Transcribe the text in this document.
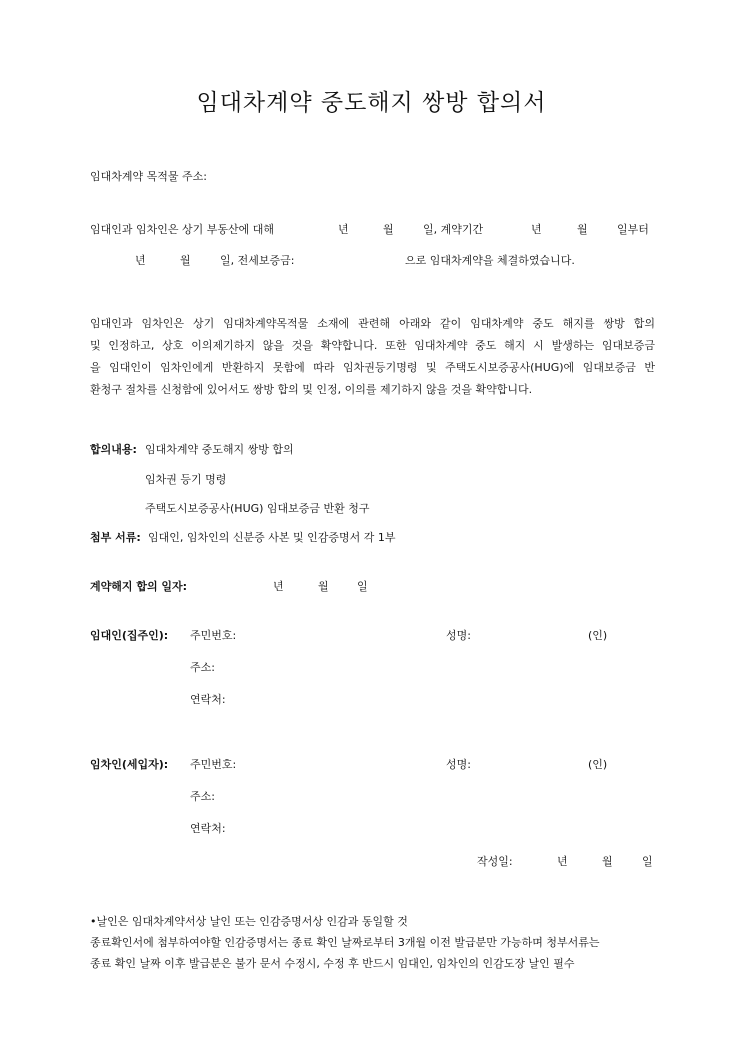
임대차계약 중도해지 쌍방 합의서
임대차계약 목적물 주소:
임대인과 임차인은 상기 부동산에 대해	년	월	일, 계약기간	년	월	일부터
년	월	일, 전세보증금:	으로 임대차계약을 체결하였습니다.
임대인과 임차인은 상기 임대차계약목적물 소재에 관련해 아래와 같이 임대차계약 중도 해지를 쌍방 합의
및 인정하고, 상호 이의제기하지 않을 것을 확약합니다. 또한 임대차계약 중도 해지 시 발생하는 임대보증금
을 임대인이 임차인에게 반환하지 못함에 따라 임차권등기명령 및 주택도시보증공사(HUG)에 임대보증금 반
환청구 절차를 신청함에 있어서도 쌍방 합의 및 인정, 이의를 제기하지 않을 것을 확약합니다.
합의내용: 임대차계약 중도해지 쌍방 합의
임차권 등기 명령
주택도시보증공사(HUG) 임대보증금 반환 청구
첨부 서류: 임대인, 임차인의 신분증 사본 및 인감증명서 각 1부
계약해지 합의 일자:	년	월	일
임대인(집주인): 주민번호:	성명:	(인)
주소:
연락처:
임차인(세입자): 주민번호:	성명:	(인)
주소:
연락처:
작성일:	년	월	일
•날인은 임대차계약서상 날인 또는 인감증명서상 인감과 동일할 것
종료확인서에 첨부하여야할 인감증명서는 종료 확인 날짜로부터 3개월 이전 발급분만 가능하며 청부서류는
종료 확인 날짜 이후 발급분은 불가 문서 수정시, 수정 후 반드시 임대인, 임차인의 인감도장 날인 필수
